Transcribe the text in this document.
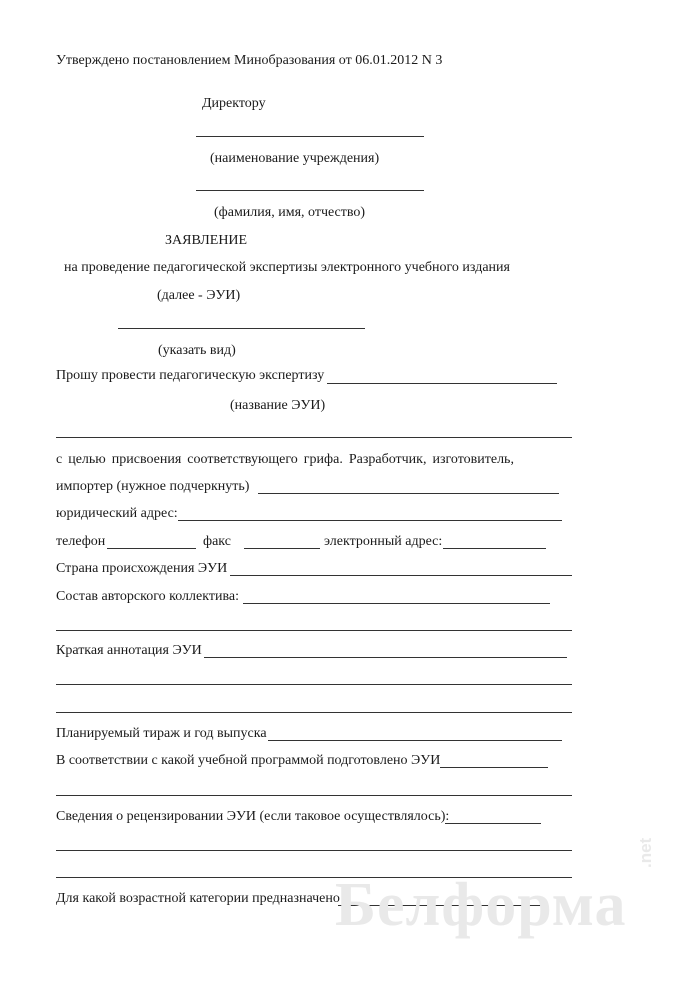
Утверждено постановлением Минобразования от 06.01.2012 N 3
Директору
(наименование учреждения)
(фамилия, имя, отчество)
ЗАЯВЛЕНИЕ
на проведение педагогической экспертизы электронного учебного издания
(далее - ЭУИ)
(указать вид)
Прошу провести педагогическую экспертизу
(название ЭУИ)
с целью присвоения соответствующего грифа. Разработчик, изготовитель,
импортер (нужное подчеркнуть)
юридический адрес:
телефон	факс	электронный адрес:
Страна происхождения ЭУИ
Состав авторского коллектива:
Краткая аннотация ЭУИ
Планируемый тираж и год выпуска
В соответствии с какой учебной программой подготовлено ЭУИ
Сведения о рецензировании ЭУИ (если таковое осуществлялось):
Для какой возрастной категории предназначено
Белформа
.net
